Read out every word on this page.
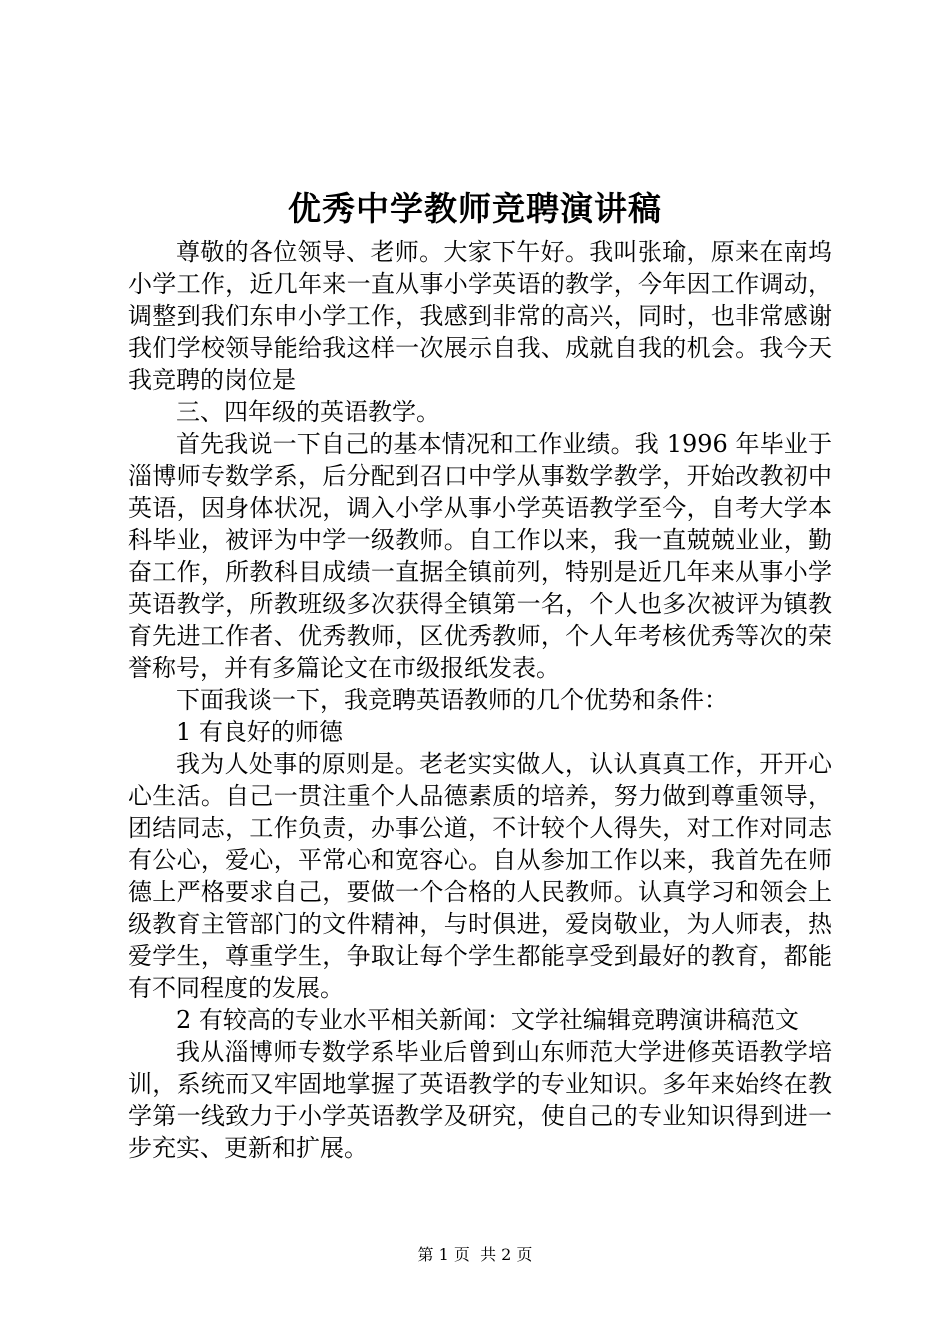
优秀中学教师竞聘演讲稿

尊敬的各位领导、老师。大家下午好。我叫张瑜，原来在南坞小学工作，近几年来一直从事小学英语的教学，今年因工作调动，调整到我们东申小学工作，我感到非常的高兴，同时，也非常感谢我们学校领导能给我这样一次展示自我、成就自我的机会。我今天我竞聘的岗位是

三、四年级的英语教学。

首先我说一下自己的基本情况和工作业绩。我 1996 年毕业于淄博师专数学系，后分配到召口中学从事数学教学，开始改教初中英语，因身体状况，调入小学从事小学英语教学至今，自考大学本科毕业，被评为中学一级教师。自工作以来，我一直兢兢业业，勤奋工作，所教科目成绩一直据全镇前列，特别是近几年来从事小学英语教学，所教班级多次获得全镇第一名，个人也多次被评为镇教育先进工作者、优秀教师，区优秀教师，个人年考核优秀等次的荣誉称号，并有多篇论文在市级报纸发表。

下面我谈一下，我竞聘英语教师的几个优势和条件：

1 有良好的师德

我为人处事的原则是。老老实实做人，认认真真工作，开开心心生活。自己一贯注重个人品德素质的培养，努力做到尊重领导，团结同志，工作负责，办事公道，不计较个人得失，对工作对同志有公心，爱心，平常心和宽容心。自从参加工作以来，我首先在师德上严格要求自己，要做一个合格的人民教师。认真学习和领会上级教育主管部门的文件精神，与时俱进，爱岗敬业，为人师表，热爱学生，尊重学生，争取让每个学生都能享受到最好的教育，都能有不同程度的发展。

2 有较高的专业水平相关新闻：文学社编辑竞聘演讲稿范文

我从淄博师专数学系毕业后曾到山东师范大学进修英语教学培训，系统而又牢固地掌握了英语教学的专业知识。多年来始终在教学第一线致力于小学英语教学及研究，使自己的专业知识得到进一步充实、更新和扩展。

第 1 页 共 2 页
